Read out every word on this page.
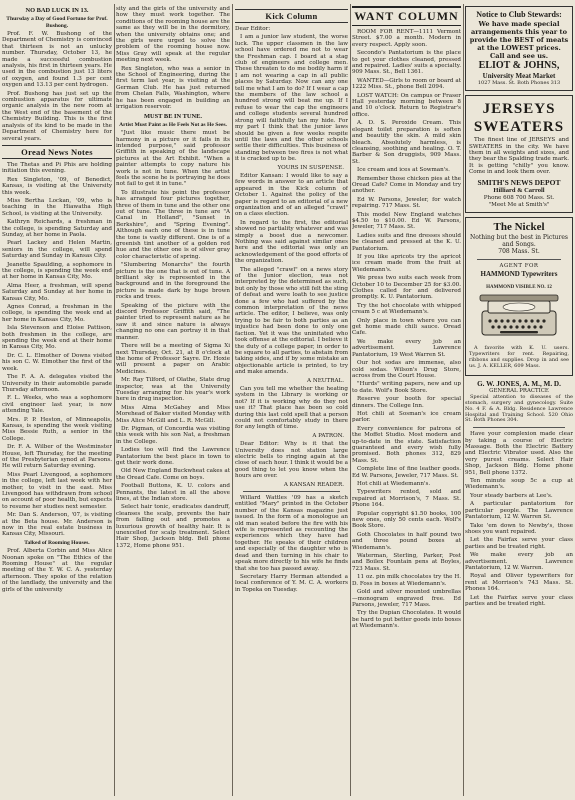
NO BAD LUCK IN 13.
Thursday a Day of Good Fortune for Prof. Bushong.

Prof. F. W. Bushong of the Department of Chemistry is convinced that thirteen is not an unlucky number. Thursday, October 13, he made a successful combustion analysis, his first in thirteen years. He used in the combustion just 13 liters of oxygen, and found 1.3 per cent oxygen and 13.13 per cent hydrogen.

Prof. Bushong has just set up the combustion apparatus for ultimate organic analysis in the new room at the West end of the basement of the Chemistry Building. This is the first analysis of its kind to be made in the Department of Chemistry here for several years.

Oread News Notes

The Thetas and Pi Phis are holding initiation this evening.

Rex Singleton, '09, of Benedict, Kansas, is visiting at the University this week.

Miss Bertha Lockan, '09, who is teaching in the Hiawatha High School, is visiting at the University.

Kathryn Reichards, a freshman in the college, is spending Saturday and Sunday, at her home in Paola.

Pearl Lackey and Helen Martin, seniors in the college, will spend Saturday and Sunday in Kansas City.

Jeanette Spaulding, a sophomore in the college, is spending the week end at her home in Kansas City, Mo.

Alma Heer, a freshman, will spend Saturday and Sunday at her home in Kansas City, Mo.

Agnes Conrad, a freshman in the college, is spending the week end at her home in Kansas City, Mo.

Isla Stevenson and Eloise Pattison, both freshmen in the college, are spending the week end at their home in Kansas City, Mo.

Dr. C. L. Elmother of Downs visited his son C. W. Elmother the first of the week.

The F. A. A. delegates visited the University in their automobile parade Thursday afternoon.

F. L. Weeks, who was a sophomore civil engineer last year, is now attending Yale.

Mrs. P. P. Heston, of Minneapolis, Kansas, is spending the week visiting Miss Bessie Ruth, a senior in the College.

Dr. F. A. Wilber of the Westminster House, left Thursday, for the meeting of the Presbyterian synod at Parsons. He will return Saturday evening.

Miss Pearl Livengood, a sophomore in the college, left last week with her mother, to visit in the east. Miss Livengood has withdrawn from school on account of poor health, but expects to resume her studies next semester.

Mr. Dan S. Anderson, '07, is visiting at the Beta house. Mr. Anderson is now in the real estate business in Kansas City, Missouri.

Talked of Rooming Houses.

Prof. Alberta Corbin and Miss Alice Noonan spoke on "The Ethics of the Rooming House" at the regular meeting of the Y. W. C. A. yesterday afternoon. They spoke of the relation of the landlady, the university and the girls of the university

sity and the girls of the university and how they must work together. The conditions of the rooming house are the same as they will be in the dormitory, when the university obtains one; and the girls were urged to solve the problem of the rooming house now. Miss Gray will speak at the regular meeting next week.

Rex Singleton, who was a senior in the School of Engineering, during the first term last year, is visiting at the German Club. He has just returned from Chelan Falls, Washington, where he has been engaged in building an irrigation reservoir.

MUST BE IN TUNE.
Artist Must Paint as He Feels Not as He Sees.

"Just like music there must be harmony in a picture or it fails in its intended purpose," said professor Griffith in speaking of the landscape pictures at the Art Exhibit. "When a painter attempts to copy nature his work is not in tune. When the artist feels the scene he is portraying he does not fail to get it in tune."

To illustrate his point the professor has arranged four pictures together, three of them in tune and the other one out of tune. The three in tune are "A Canal in Holland", "Sunset in Berkshire", and "Spring Evening". Although each one of these is in tune the tone is vastly different. One is of a greenish tint another of a golden red hue and the other one is of silver gray color characteristic of spring.

"Slumbering Monarchs" the fourth picture is the one that is out of tune. A brilliant sky is represented in the background and in the foreground the picture is made dark by huge brown rocks and trees.

Speaking of the picture with the discord Professor Griffith said, "The painter tried to represent nature as he saw it and since nature is always changing no one can portray it in that manner.

There will be a meeting of Sigma Xi next Thursday, Oct. 21, at 8 o'clock at the home of Professor Sayre. Dr. Hoxie will present a paper on Arabic Medicines.

Mr. Ray Tilford, of Olathe, State drug inspector, was at the University Tuesday arranging for his year's work here in drug inspection.

Miss Alma McGahey and Miss Morehead of Baker visited Monday with Miss Alice McGill and L. R. McGill.

Dr. Pigman, of Concordia was visiting this week with his son Nat, a freshman in the College.

Lodies too will find the Lawrence Pantatorium the best place in town to get their work done.

Old New England Buckwheat cakes at the Oread Cafe. Come on boys.

Football Buttons, K. U. colors and Pennants, the latest in all the above lines, at the Indian store.

Select hair tonic, eradicates dandruff, cleanses the scalp, prevents the hair from falling out and promotes a luxurious growth of healthy hair. It is unexcelled for scalp treatment. Select Hair Shop, Jackson bldg. Bell phone 1372, Home phone 951.

Kick Column

Dear Editor:

I am a junior law student, the worse luck. The upper classmen in the law school have ordered me not to wear the Freshman cap. I board at a stag club of engineers and college men. These threaten to do me bodily harm if I am not wearing a cap in all public places by Saturday. Now can any one tell me what I am to do? If I wear a cap the members of the law school a hundred strong will beat me up. If I refuse to wear the cap the engineers and college students several hundred strong will faithfully tan my hide. For my part I think that the junior laws should be given a few weeks respite until the laws and the other schools settle their difficulties. This business of standing between two fires is not what it is cracked up to be.

YOURS IN SUSPENSE.

Editor Kansan: I would like to say a few words in answer to an article that appeared in the Kick column of October 1. Against the policy of the paper is regard to an editorial of a new organization and of an alleged "crawl" on a class election.

In regard to the first, the editorial showed no partiality whatever and was simply a boost due a newcomer. Nothing was said against similar ones here and the editorial was only an acknowledgement of the good efforts of the organization.

The alleged "crawl" on a news story of the Junior election, was not interpreted by the determined as such, but only by those who still felt the sting of defeat and were loath to see justice done a few who had suffered by the common interpretation of the news article. The editor, I believe, was only trying to be fair to both parties as an injustice had been done to only one faction. Yet it was the uninitated who took offense at the editorial. I believe it the duty of a college paper, in order to be square to all parties, to abstain from taking sides, and if by some mistake an objectionable article is printed, to try and make amends.

A NEUTRAL.

Can you tell me whether the heating system in the Library is working or not? If it is working why do they not use it? That place has been so cold during this last cold spell that a person could not comfortably study in there for any length of time.

A PATRON.

Dear Editor: Why is it that the University does not station large electric bells to ringing again at the close of each hour. I think it would be a good thing to let you know when the hours are over.

A KANSAN READER.

Willard Wattles '09 has a sketch entitled "Mary" printed in the October number of the Kansas magazine just issued. In the form of a monologue an old man seated before the fire with his wife is represented as recounting the experiences which they have had together. He speaks of their children and especially of the daughter who is dead and then turning in his chair to speak more directly to his wife he finds that she too has passed away.

Secretary Harry Herman attended a local conference of Y. M. C. A. workers in Topeka on Tuesday.

WANT COLUMN

ROOM FOR RENT—1111 Vermont Street. $7.00 a month. Modern in every respect. Apply soon.

Secondo's Pantatorium is the place to get your clothes cleaned, pressed and repaired. Ladies' suits a specialty. 909 Mass. St., Bell 1361.

WANTED—Girls to room or board at 1222 Miss. St., phone Bell 2094.

LOST WATCH: On campus or Fraser Hall yesterday morning between 8 and 10 o'clock. Return to Registrar's office.

A. D. S. Peroxide Cream. This elegant toilet preparation is soften and beautify the skin. A mild skin bleach. Absolutely harmless, is cleansing, soothing and healing. O. T. Barber & Son druggists, 909 Mass. St.

Ice cream and ices at Sowman's.

Remember those chicken pies at the Oread Cafe? Come in Monday and try another.

Ed W. Parsons, Jeweler, for watch repairing. 717 Mass. St.

This model New England watches $4.50 to $10.00. Ed W. Parsons, Jeweler, 717 Mass. St.

Ladies suits and fine dresses should be cleaned and pressed at the K. U. Pantatorium.

If you like apricots try the apricot ice cream made from the fruit at Wiedemann's.

We press two suits each week from October 10 to December 25 for $3.00. Clothes called for and delivered promptly. K. U. Pantatorium.

Try the hot chocolate with whipped cream 5 c at Wiedemann's.

Only place in town where you can get home made chili sauce. Oread Cafe.

We make every job an advertisement. Lawrence Pantatorium, 19 West Warren St.

Our hot sodas are immense, also cold sodas. Wilson's Drug Store, across from the Court House.

"Hurds" writing papers, new and up to date. Wolf's Book Store.

Reserve your booth for special dinners. The College Inn.

Hot chili at Sosman's ice cream parlor.

Every convenience for patrons of the Moffet Studio. Most modern and up-to-date in the state. Satisfaction guaranteed and every wish fully promised. Both phones 312, 829 Mass. St.

Complete line of fine leather goods. Ed W. Parsons, Jeweler, 717 Mass. St.

Hot chili at Wiedemann's.

Typewriters rented, sold and repaired at Morrison's, 7 Mass. St. Phone 164.

Popular copyright $1.50 books, 100 new ones, only 50 cents each. Wolf's Book Store.

Goth Chocolates in half pound two and three pound boxes at Wiedemann's.

Waterman, Sterling, Parker, Post and Boilex Fountain pens at Boyles, 723 Mass. St.

11 oz. pin milk chocolates try the H. D. Foss in boxes at Wiedemann's.

Gold and silver mounted umbrellas—monogram engraved free. Ed Parsons, jeweler, 717 Mass.

Try the Dupian Chocolates. It would be hard to put better goods into boxes at Wiedemann's.

Notice to Club Stewards:

We have made special arrangements this year to provide the BEST of meats at the LOWEST prices. Call and see us.

ELIOT & JOHNS,
University Meat Market

1027 Mass. St. Both Phones 313

JERSEYS
SWEATERS

The finest line of JERSEYS and SWEATERS in the city. We have them in all weights and sizes, and they bear the Spalding trade mark. It is getting "chilly" you know. Come in and look them over.

SMITH'S NEWS DEPOT
Hilliard & Carroll

Phone 608 700 Mass. St.

"Meet Me at Smith's"

The Nickel

Nothing but the best in Pictures and Songs.

708 Mass. St.

AGENT FOR

HAMMOND Typewriters
HAMMOND VISIBLE NO. 12

A favorite with K. U. users. Typewriters for rent. Repairing, ribbons and supplies. Drop in and see us. J. A. KELLER, 609 Mass.

G. W. JONES, A. M., M. D.

GENERAL PRACTICE

Special attention to diseases of the stomach, surgery and gynecology. Suite No. 4 F. & A. Bldg. Residence Lawrence Hospital and Training School. 520 Ohio St. Both Phones 304.

Have your complexion made clear by taking a course of Electric Massage. Both the Electric Battery and Electric Vibrator used. Also the very purest creams. Select Hair Shop, Jackson Bldg. Home phone 951, Bell phone 1372.

Ten minute soup 5c a cup at Wiedemann's.

Your steady barbers at Lee's.

A particular pantatorium for particular people. The Lawrence Pantatorium, 12 W. Warren St.

Take 'em down to Newby's, those shoes you want repaired.

Let the Fairfax serve your class parties and be treated right.

We make every job an advertisement. Lawrence Pantatorium, 12 W. Warren.

Royal and Oliver typewriters for rent at Morrison's 743 Mass. St. Phones 164.

Let the Fairfax serve your class parties and be treated right.
